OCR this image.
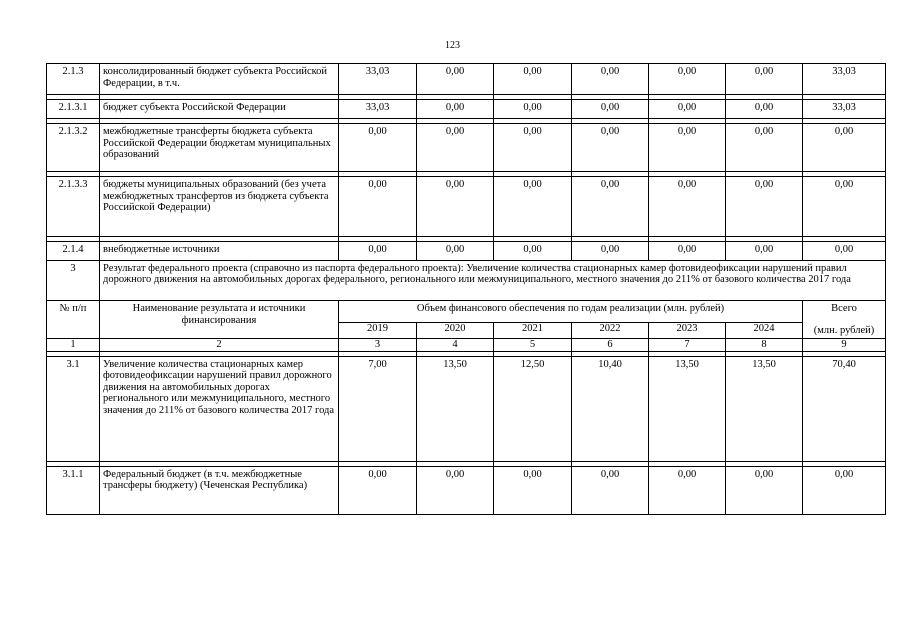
123
2.1.3	консолидированный бюджет субъекта Российской Федерации, в т.ч.	33,03	0,00	0,00	0,00	0,00	0,00	33,03

2.1.3.1	бюджет субъекта Российской Федерации	33,03	0,00	0,00	0,00	0,00	0,00	33,03

2.1.3.2	межбюджетные трансферты бюджета субъекта Российской Федерации бюджетам муниципальных образований	0,00	0,00	0,00	0,00	0,00	0,00	0,00

2.1.3.3	бюджеты муниципальных образований (без учета межбюджетных трансфертов из бюджета субъекта Российской Федерации)	0,00	0,00	0,00	0,00	0,00	0,00	0,00

2.1.4	внебюджетные источники	0,00	0,00	0,00	0,00	0,00	0,00	0,00
3	Результат федерального проекта (справочно из паспорта федерального проекта): Увеличение количества стационарных камер фотовидеофиксации нарушений правил дорожного движения на автомобильных дорогах федерального, регионального или межмуниципального, местного значения до 211% от базового количества 2017 года							
№ п/п	Наименование результата и источники финансирования	Объем финансового обеспечения по годам реализации (млн. рублей)						Всего
(млн. рублей)

		2019	2020	2021	2022	2023	2024	
1	2	3	4	5	6	7	8	9

3.1	Увеличение количества стационарных камер фотовидеофиксации нарушений правил дорожного движения на автомобильных дорогах регионального или межмуниципального, местного значения до 211% от базового количества 2017 года	7,00	13,50	12,50	10,40	13,50	13,50	70,40

3.1.1	Федеральный бюджет (в т.ч. межбюджетные трансферы бюджету) (Чеченская Республика)	0,00	0,00	0,00	0,00	0,00	0,00	0,00
